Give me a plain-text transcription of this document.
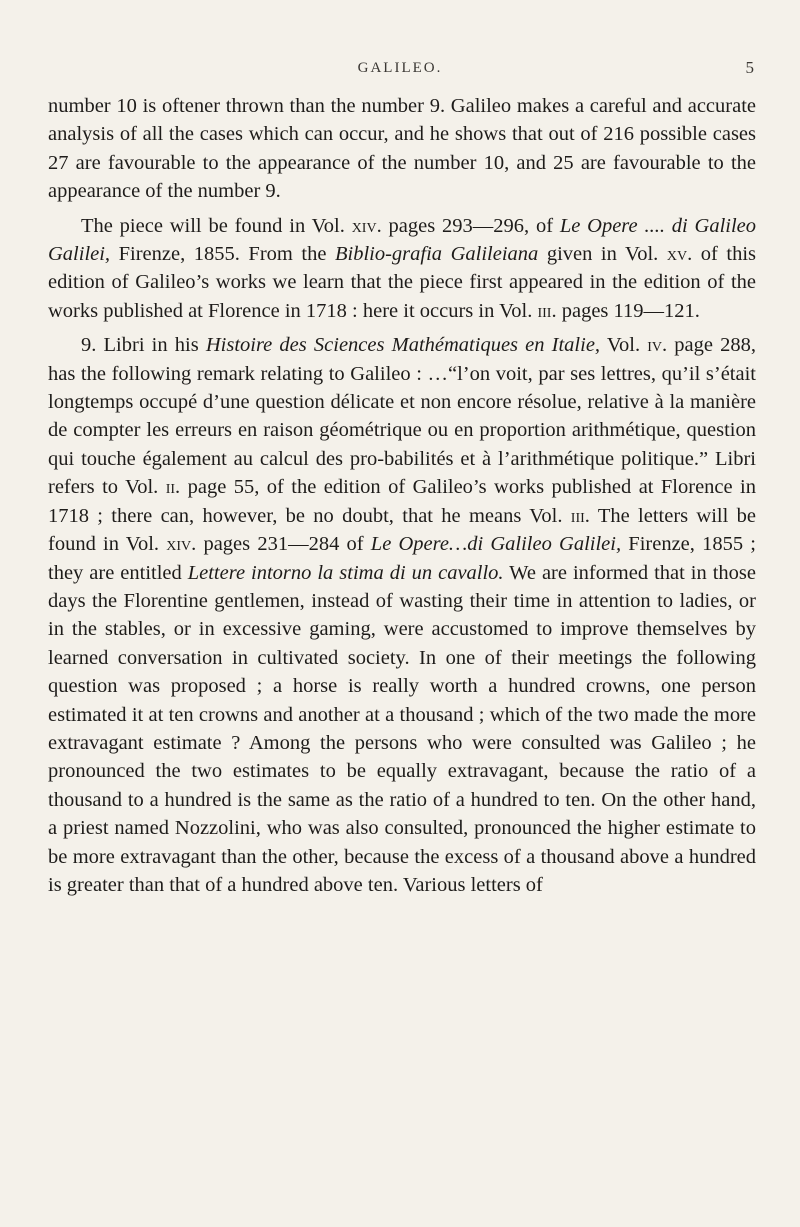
GALILEO.	5

number 10 is oftener thrown than the number 9. Galileo makes a careful and accurate analysis of all the cases which can occur, and he shows that out of 216 possible cases 27 are favourable to the appearance of the number 10, and 25 are favourable to the appearance of the number 9.

The piece will be found in Vol. xiv. pages 293—296, of Le Opere .... di Galileo Galilei, Firenze, 1855. From the Biblio-grafia Galileiana given in Vol. xv. of this edition of Galileo’s works we learn that the piece first appeared in the edition of the works published at Florence in 1718 : here it occurs in Vol. iii. pages 119—121.

9. Libri in his Histoire des Sciences Mathématiques en Italie, Vol. iv. page 288, has the following remark relating to Galileo : …“l’on voit, par ses lettres, qu’il s’était longtemps occupé d’une question délicate et non encore résolue, relative à la manière de compter les erreurs en raison géométrique ou en proportion arithmétique, question qui touche également au calcul des pro-babilités et à l’arithmétique politique.” Libri refers to Vol. ii. page 55, of the edition of Galileo’s works published at Florence in 1718 ; there can, however, be no doubt, that he means Vol. iii. The letters will be found in Vol. xiv. pages 231—284 of Le Opere…di Galileo Galilei, Firenze, 1855 ; they are entitled Lettere intorno la stima di un cavallo. We are informed that in those days the Florentine gentlemen, instead of wasting their time in attention to ladies, or in the stables, or in excessive gaming, were accustomed to improve themselves by learned conversation in cultivated society. In one of their meetings the following question was proposed ; a horse is really worth a hundred crowns, one person estimated it at ten crowns and another at a thousand ; which of the two made the more extravagant estimate ? Among the persons who were consulted was Galileo ; he pronounced the two estimates to be equally extravagant, because the ratio of a thousand to a hundred is the same as the ratio of a hundred to ten. On the other hand, a priest named Nozzolini, who was also consulted, pronounced the higher estimate to be more extravagant than the other, because the excess of a thousand above a hundred is greater than that of a hundred above ten. Various letters of
